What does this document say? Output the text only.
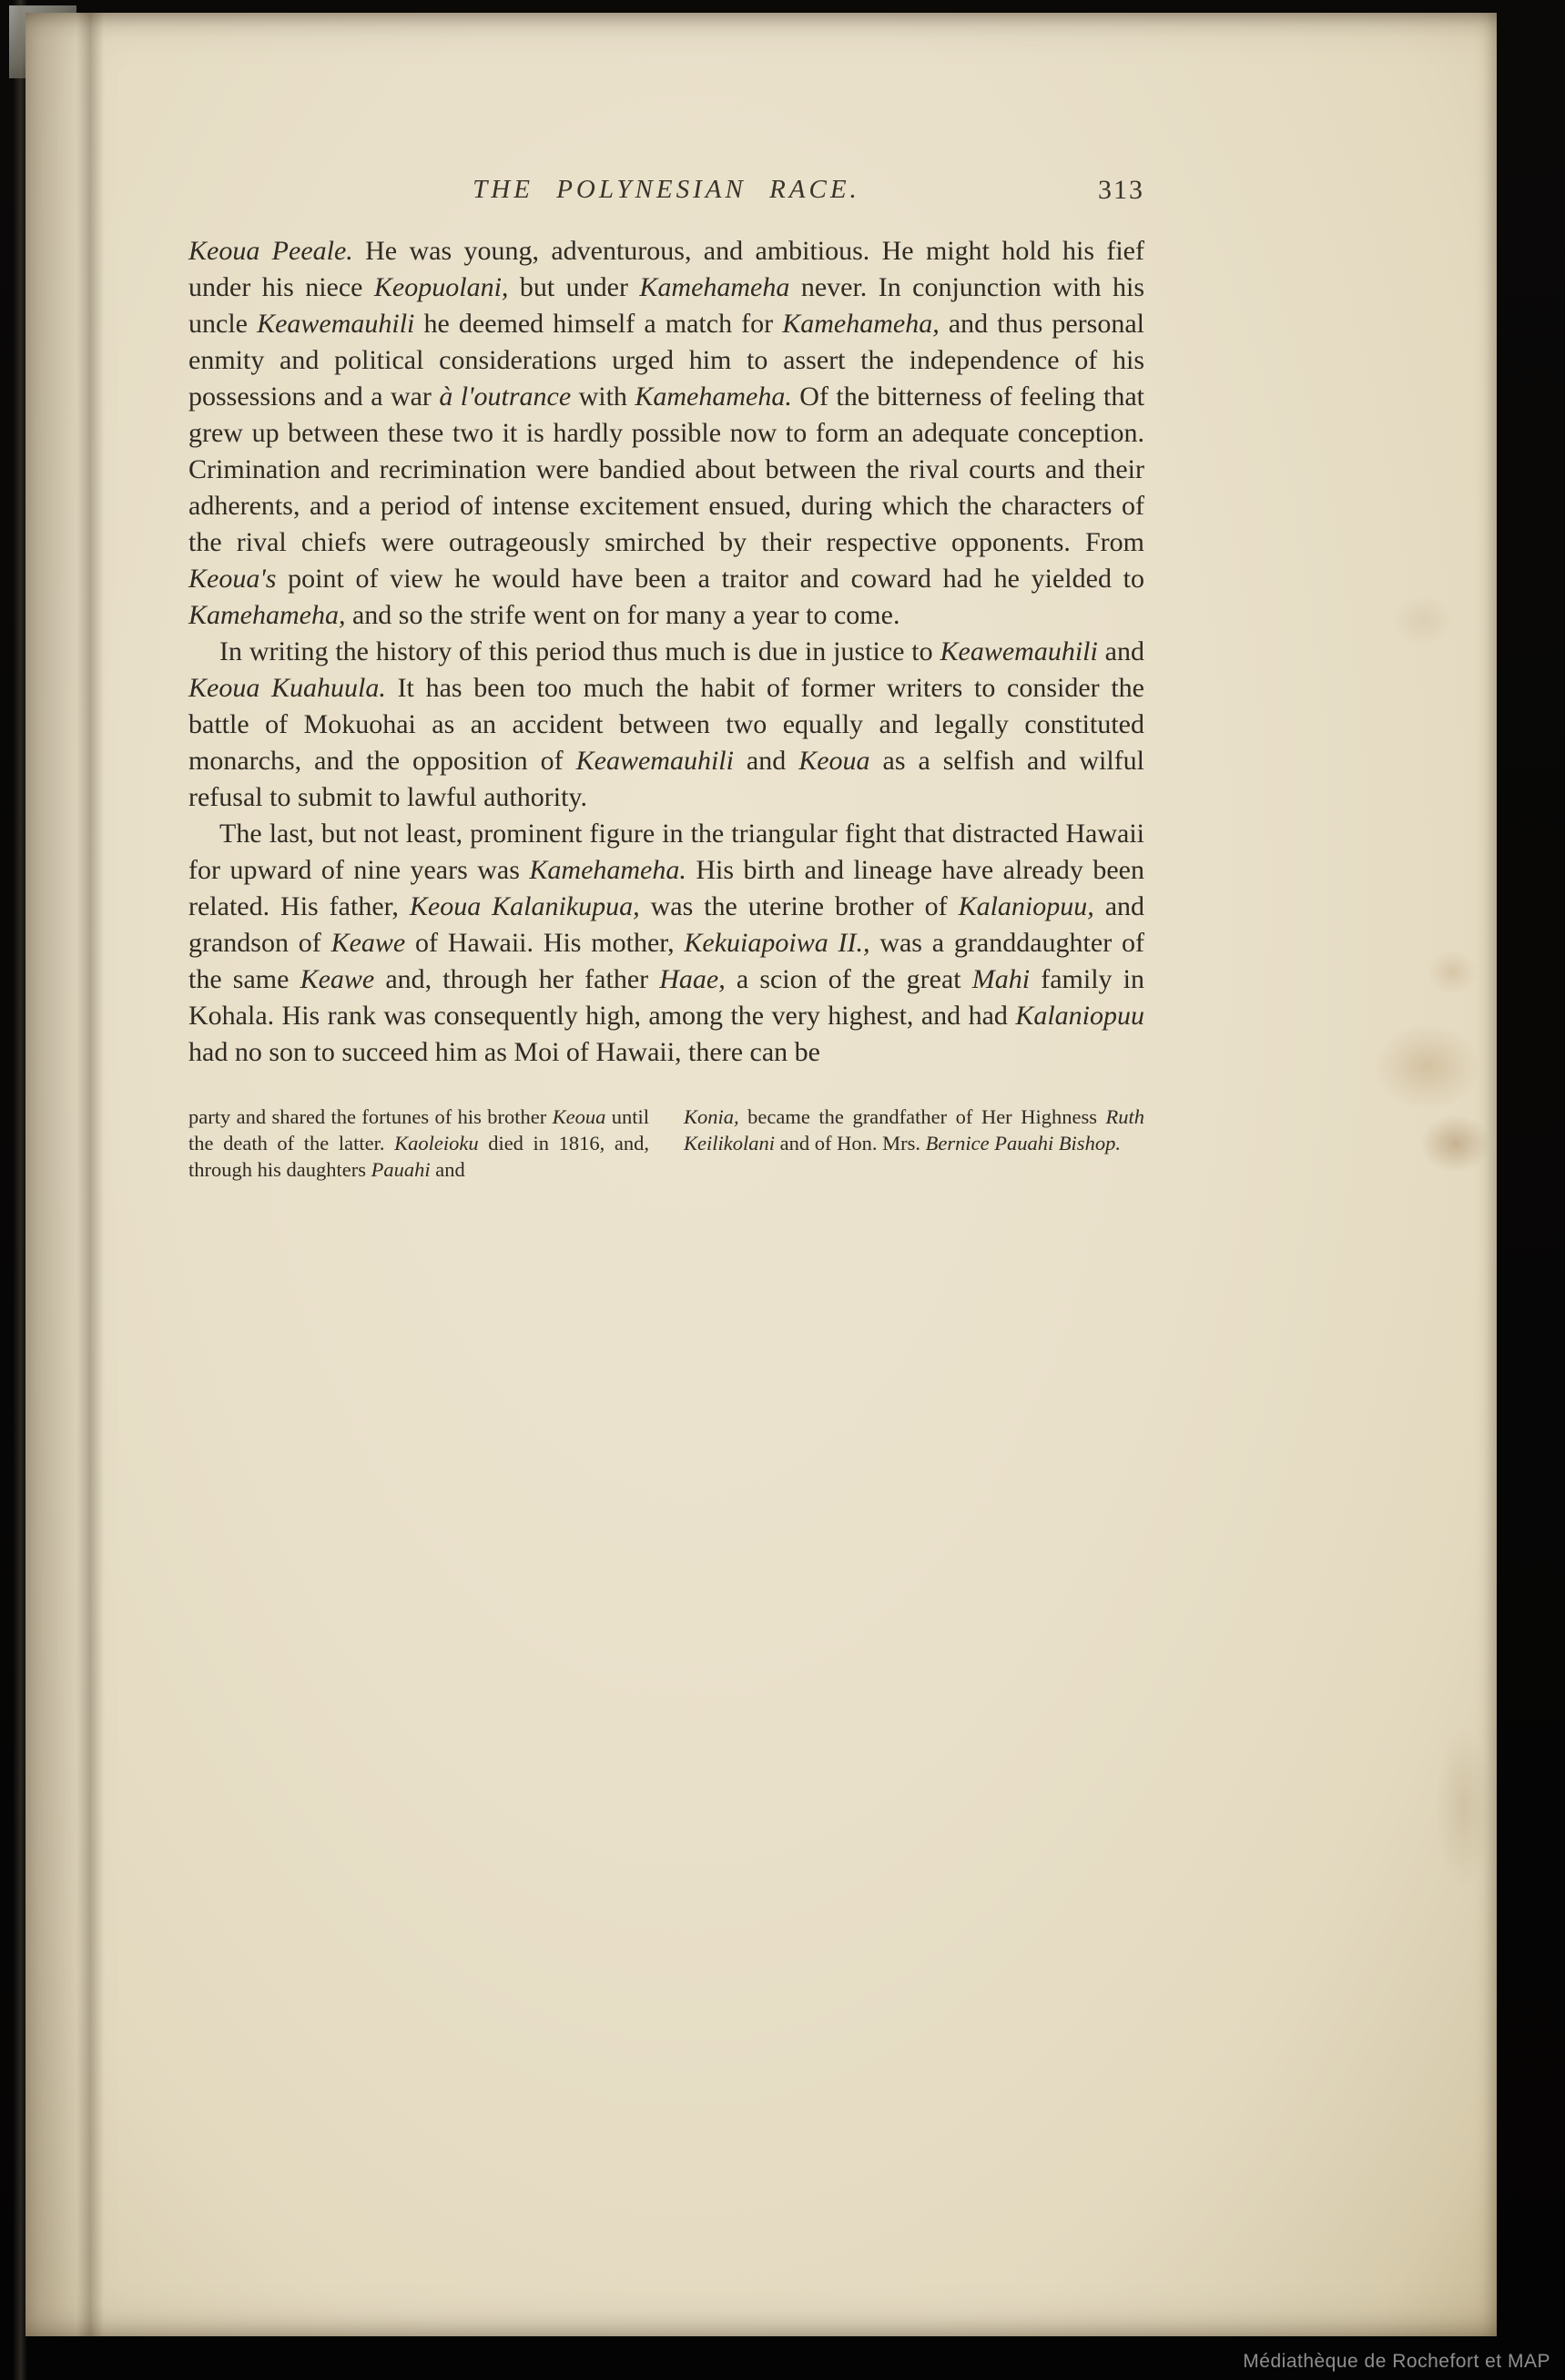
THE POLYNESIAN RACE.	313

Keoua Peeale. He was young, adventurous, and ambitious. He might hold his fief under his niece Keopuolani, but under Kamehameha never. In conjunction with his uncle Keawemauhili he deemed himself a match for Kamehameha, and thus personal enmity and political considerations urged him to assert the independence of his possessions and a war à l'outrance with Kamehameha. Of the bitterness of feeling that grew up between these two it is hardly possible now to form an adequate conception. Crimination and recrimination were bandied about between the rival courts and their adherents, and a period of intense excitement ensued, during which the characters of the rival chiefs were outrageously smirched by their respective opponents. From Keoua's point of view he would have been a traitor and coward had he yielded to Kamehameha, and so the strife went on for many a year to come.

In writing the history of this period thus much is due in justice to Keawemauhili and Keoua Kuahuula. It has been too much the habit of former writers to consider the battle of Mokuohai as an accident between two equally and legally constituted monarchs, and the opposition of Keawemauhili and Keoua as a selfish and wilful refusal to submit to lawful authority.

The last, but not least, prominent figure in the triangular fight that distracted Hawaii for upward of nine years was Kamehameha. His birth and lineage have already been related. His father, Keoua Kalanikupua, was the uterine brother of Kalaniopuu, and grandson of Keawe of Hawaii. His mother, Kekuiapoiwa II., was a granddaughter of the same Keawe and, through her father Haae, a scion of the great Mahi family in Kohala. His rank was consequently high, among the very highest, and had Kalaniopuu had no son to succeed him as Moi of Hawaii, there can be

party and shared the fortunes of his brother Keoua until the death of the latter. Kaoleioku died in 1816, and, through his daughters Pauahi and

Konia, became the grandfather of Her Highness Ruth Keilikolani and of Hon. Mrs. Bernice Pauahi Bishop.

Médiathèque de Rochefort et MAP
